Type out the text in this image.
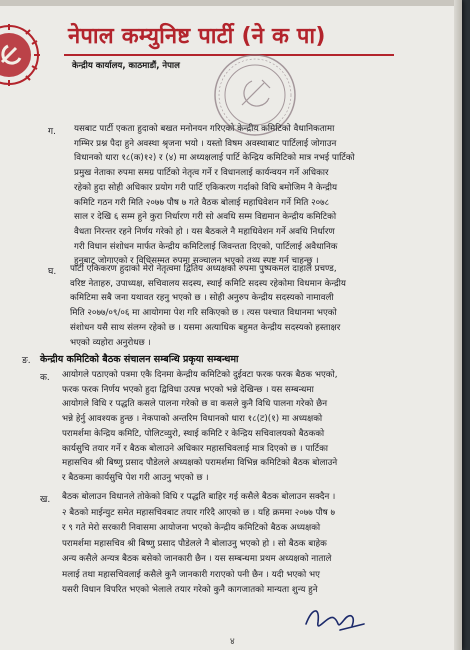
नेपाल कम्युनिष्ट पार्टी (ने क पा)
केन्द्रीय कार्यालय, काठमाडौं, नेपाल
ग. यसबाट पार्टी एकता हुदाको बखत मनोनयन गरिएको केन्द्रीय कमिटिको वैधानिकतामा
गम्भिर प्रश्न पैदा हुने अवस्था श्रृजना भयो । यस्तो विषम अवस्थाबाट पार्टिलाई जोगाउन
विधानको धारा १८(क)१२) र (४) मा अध्यक्षलाई पार्टि केन्द्रिय कमिटिको मात्र नभई पार्टिको
प्रमुख नेताका रुपमा समग्र पार्टिको नेतृत्व गर्ने र विधानलाई कार्यन्वयन गर्ने अधिकार
रहेको हुदा सोही अधिकार प्रयोग गरी पार्टि एकिकरण गर्दाको विधि बमोजिम नै केन्द्रीय
कमिटि गठन गरी मिति २०७७ पौष ७ गते वैठक बोलाई महाधिवेशन गर्ने मिति २०७८
साल र देखि ६ सम्म हुने कुरा निर्धारण गरी सो अवधि सम्म विद्यमान केन्द्रीय कमिटिको
वैधता निरन्तर रहने निर्णय गरेको हो । यस बैठकले नै महाधिवेशन गर्ने अवधि निर्धारण
गरी विधान संशोधन मार्फत केन्द्रीय कमिटिलाई जिवन्तता दिएको, पार्टिलाई अवैधानिक
हुनबाट जोगाएको र विधिसम्मत रुपमा सञ्चालन भएको तथ्य स्पष्ट गर्न चाहन्छु ।
घ. पार्टी एकिकरण हुदाको मेरो नेतृत्वमा द्वितिय अध्यक्षको रुपमा पुष्पकमल दाहाल प्रचण्ड,
वरिष्ट नेताहरु, उपाध्यक्ष, सचिवालय सदस्य, स्थाई कमिटि सदस्य रहेकोमा विधमान केन्द्रीय
कमिटिमा सबै जना यथावत रहनु भएको छ । सोही अनुरुप केन्द्रीय सदस्यको नामावली
मिति २०७७/०९/०६ मा आयोगमा पेश गरि सकिएको छ । त्यस पश्चात विधानमा भएको
संशोधन यसै साथ संलग्न रहेको छ । यसमा अत्याधिक बहुमत केन्द्रीय सदस्यको हस्ताक्षर
भएको व्यहोरा अनुरोधछ ।
ङ. केन्द्रीय कमिटिको बैठक संचालन सम्बन्धि प्रकृया सम्बन्धमा
क. आयोगले पठाएको पत्रमा एकै दिनमा केन्द्रीय कमिटिको दुईवटा फरक फरक बैठक भएको,
फरक फरक निर्णय भएको हुदा द्विविधा उत्पन्न भएको भन्ने देखिन्छ । यस सम्बन्धमा
आयोगले विधि र पद्धति कसले पालना गरेको छ वा कसले कुनै विधि पालना गरेको छैन
भन्ने हेर्नु आवश्यक हुन्छ । नेकपाको अन्तरिम विधानको धारा १८(ट)(१) मा अध्यक्षको
परामर्शमा केन्द्रिय कमिटि, पोलिटव्युरो, स्थाई कमिटि र केन्द्रिय सचिवालयको बैठकको
कार्यसुचि तयार गर्ने र बैठक बोलाउने अधिकार महासचिवलाई मात्र दिएको छ । पार्टिका
महासचिव श्री बिष्णु प्रसाद पौडेलले अध्यक्षको परामर्शमा विभिन्न कमिटिको बैठक बोलाउने
र बैठकमा कार्यसुचि पेश गरी आउनु भएको छ ।
ख. बैठक बोलाउन विधानले तोकेको विधि र पद्धति बाहिर गई कसैले बैठक बोलाउन सक्दैन ।
२ बैठको माईन्युट समेत महासचिवबाट तयार गरिदै आएको छ । यहि क्रममा २०७७ पौष ७
र ९ गते मेरो सरकारी निवासमा आयोजना भएको केन्द्रीय कमिटिको बैठक अध्यक्षको
परामर्शमा महासचिव श्री बिष्णु प्रसाद पौडेलले नै बोलाउनु भएको हो । सो बैठक बाहेक
अन्य कसैले अन्यत्र बैठक बसेको जानकारी छैन । यस सम्बन्धमा प्रथम अध्यक्षको नाताले
मलाई तथा महासचिवलाई कसैले कुनै जानकारी गराएको पनी छैन । यदी भएको भए
यसरी विधान विपरित भएको भेलाले तयार गरेको कुनै कागजातको मान्यता शुन्य हुने
४
